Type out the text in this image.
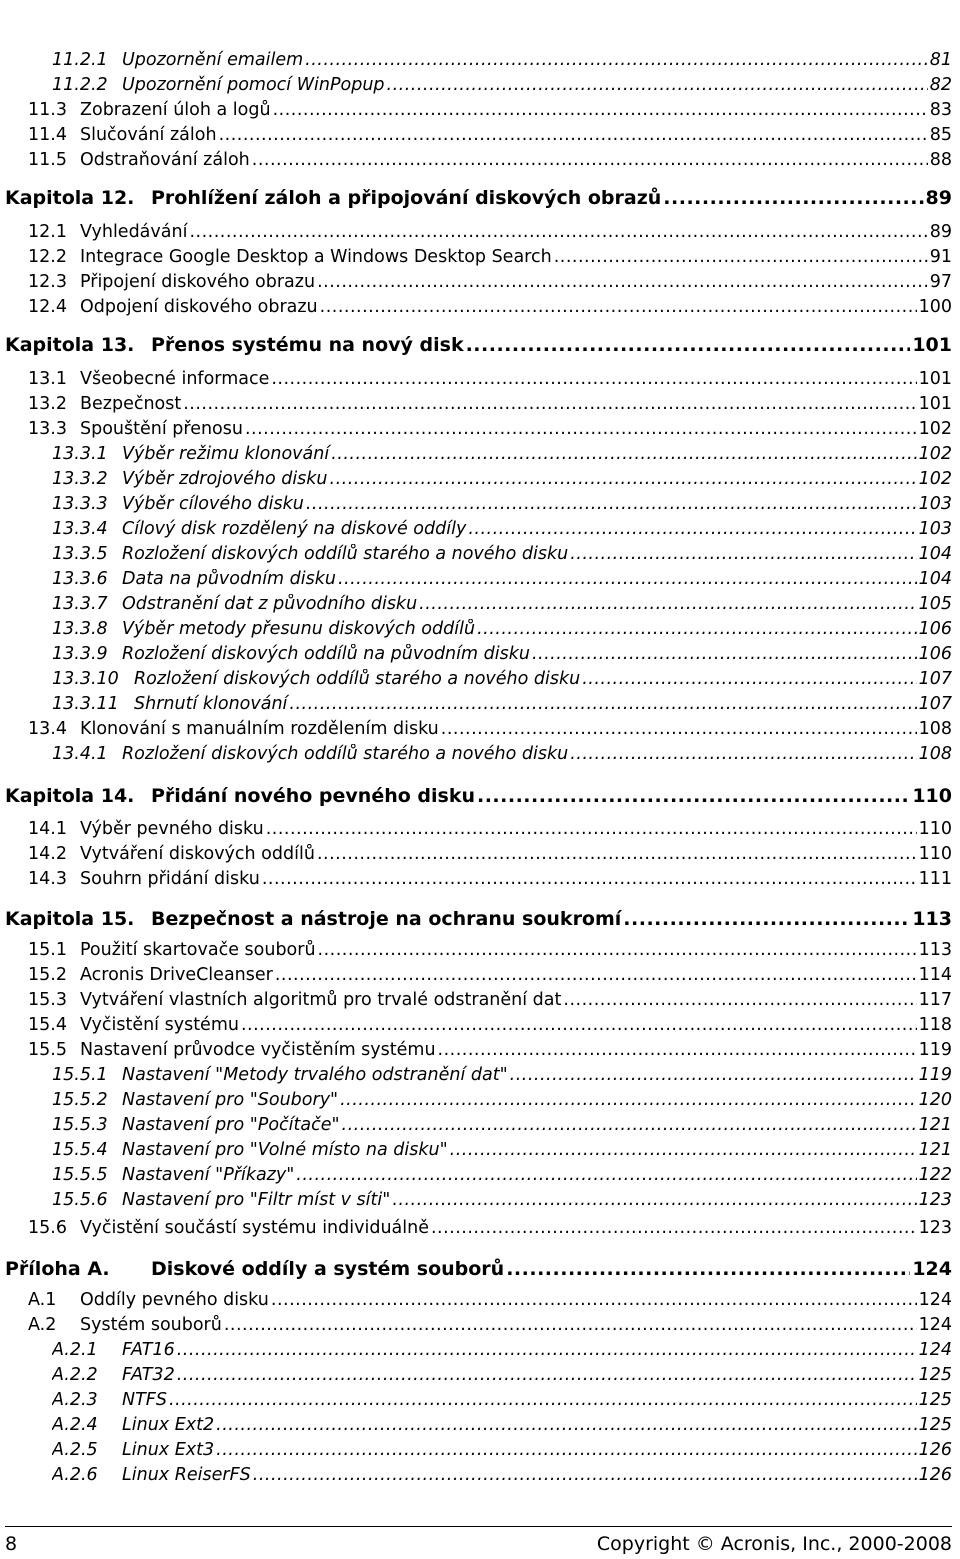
11.2.1 Upozornění emailem .....	81
11.2.2 Upozornění pomocí WinPopup .....	82
11.3 Zobrazení úloh a logů .....	83
11.4 Slučování záloh .....	85
11.5 Odstraňování záloh .....	88
Kapitola 12. Prohlížení záloh a připojování diskových obrazů .....	89
12.1 Vyhledávání .....	89
12.2 Integrace Google Desktop a Windows Desktop Search .....	91
12.3 Připojení diskového obrazu .....	97
12.4 Odpojení diskového obrazu .....	100
Kapitola 13. Přenos systému na nový disk .....	101
13.1 Všeobecné informace .....	101
13.2 Bezpečnost .....	101
13.3 Spouštění přenosu .....	102
13.3.1 Výběr režimu klonování .....	102
13.3.2 Výběr zdrojového disku .....	102
13.3.3 Výběr cílového disku .....	103
13.3.4 Cílový disk rozdělený na diskové oddíly .....	103
13.3.5 Rozložení diskových oddílů starého a nového disku .....	104
13.3.6 Data na původním disku .....	104
13.3.7 Odstranění dat z původního disku .....	105
13.3.8 Výběr metody přesunu diskových oddílů .....	106
13.3.9 Rozložení diskových oddílů na původním disku .....	106
13.3.10 Rozložení diskových oddílů starého a nového disku .....	107
13.3.11 Shrnutí klonování .....	107
13.4 Klonování s manuálním rozdělením disku .....	108
13.4.1 Rozložení diskových oddílů starého a nového disku .....	108
Kapitola 14. Přidání nového pevného disku .....	110
14.1 Výběr pevného disku .....	110
14.2 Vytváření diskových oddílů .....	110
14.3 Souhrn přidání disku .....	111
Kapitola 15. Bezpečnost a nástroje na ochranu soukromí .....	113
15.1 Použití skartovače souborů .....	113
15.2 Acronis DriveCleanser .....	114
15.3 Vytváření vlastních algoritmů pro trvalé odstranění dat .....	117
15.4 Vyčistění systému .....	118
15.5 Nastavení průvodce vyčistěním systému .....	119
15.5.1 Nastavení "Metody trvalého odstranění dat" .....	119
15.5.2 Nastavení pro "Soubory" .....	120
15.5.3 Nastavení pro "Počítače" .....	121
15.5.4 Nastavení pro "Volné místo na disku" .....	121
15.5.5 Nastavení "Příkazy" .....	122
15.5.6 Nastavení pro "Filtr míst v síti" .....	123
15.6 Vyčistění součástí systému individuálně .....	123
Příloha A.	Diskové oddíly a systém souborů .....	124
A.1	Oddíly pevného disku .....	124
A.2	Systém souborů .....	124
A.2.1	FAT16 .....	124
A.2.2	FAT32 .....	125
A.2.3	NTFS .....	125
A.2.4	Linux Ext2 .....	125
A.2.5	Linux Ext3 .....	126
A.2.6	Linux ReiserFS .....	126
8	Copyright © Acronis, Inc., 2000-2008
